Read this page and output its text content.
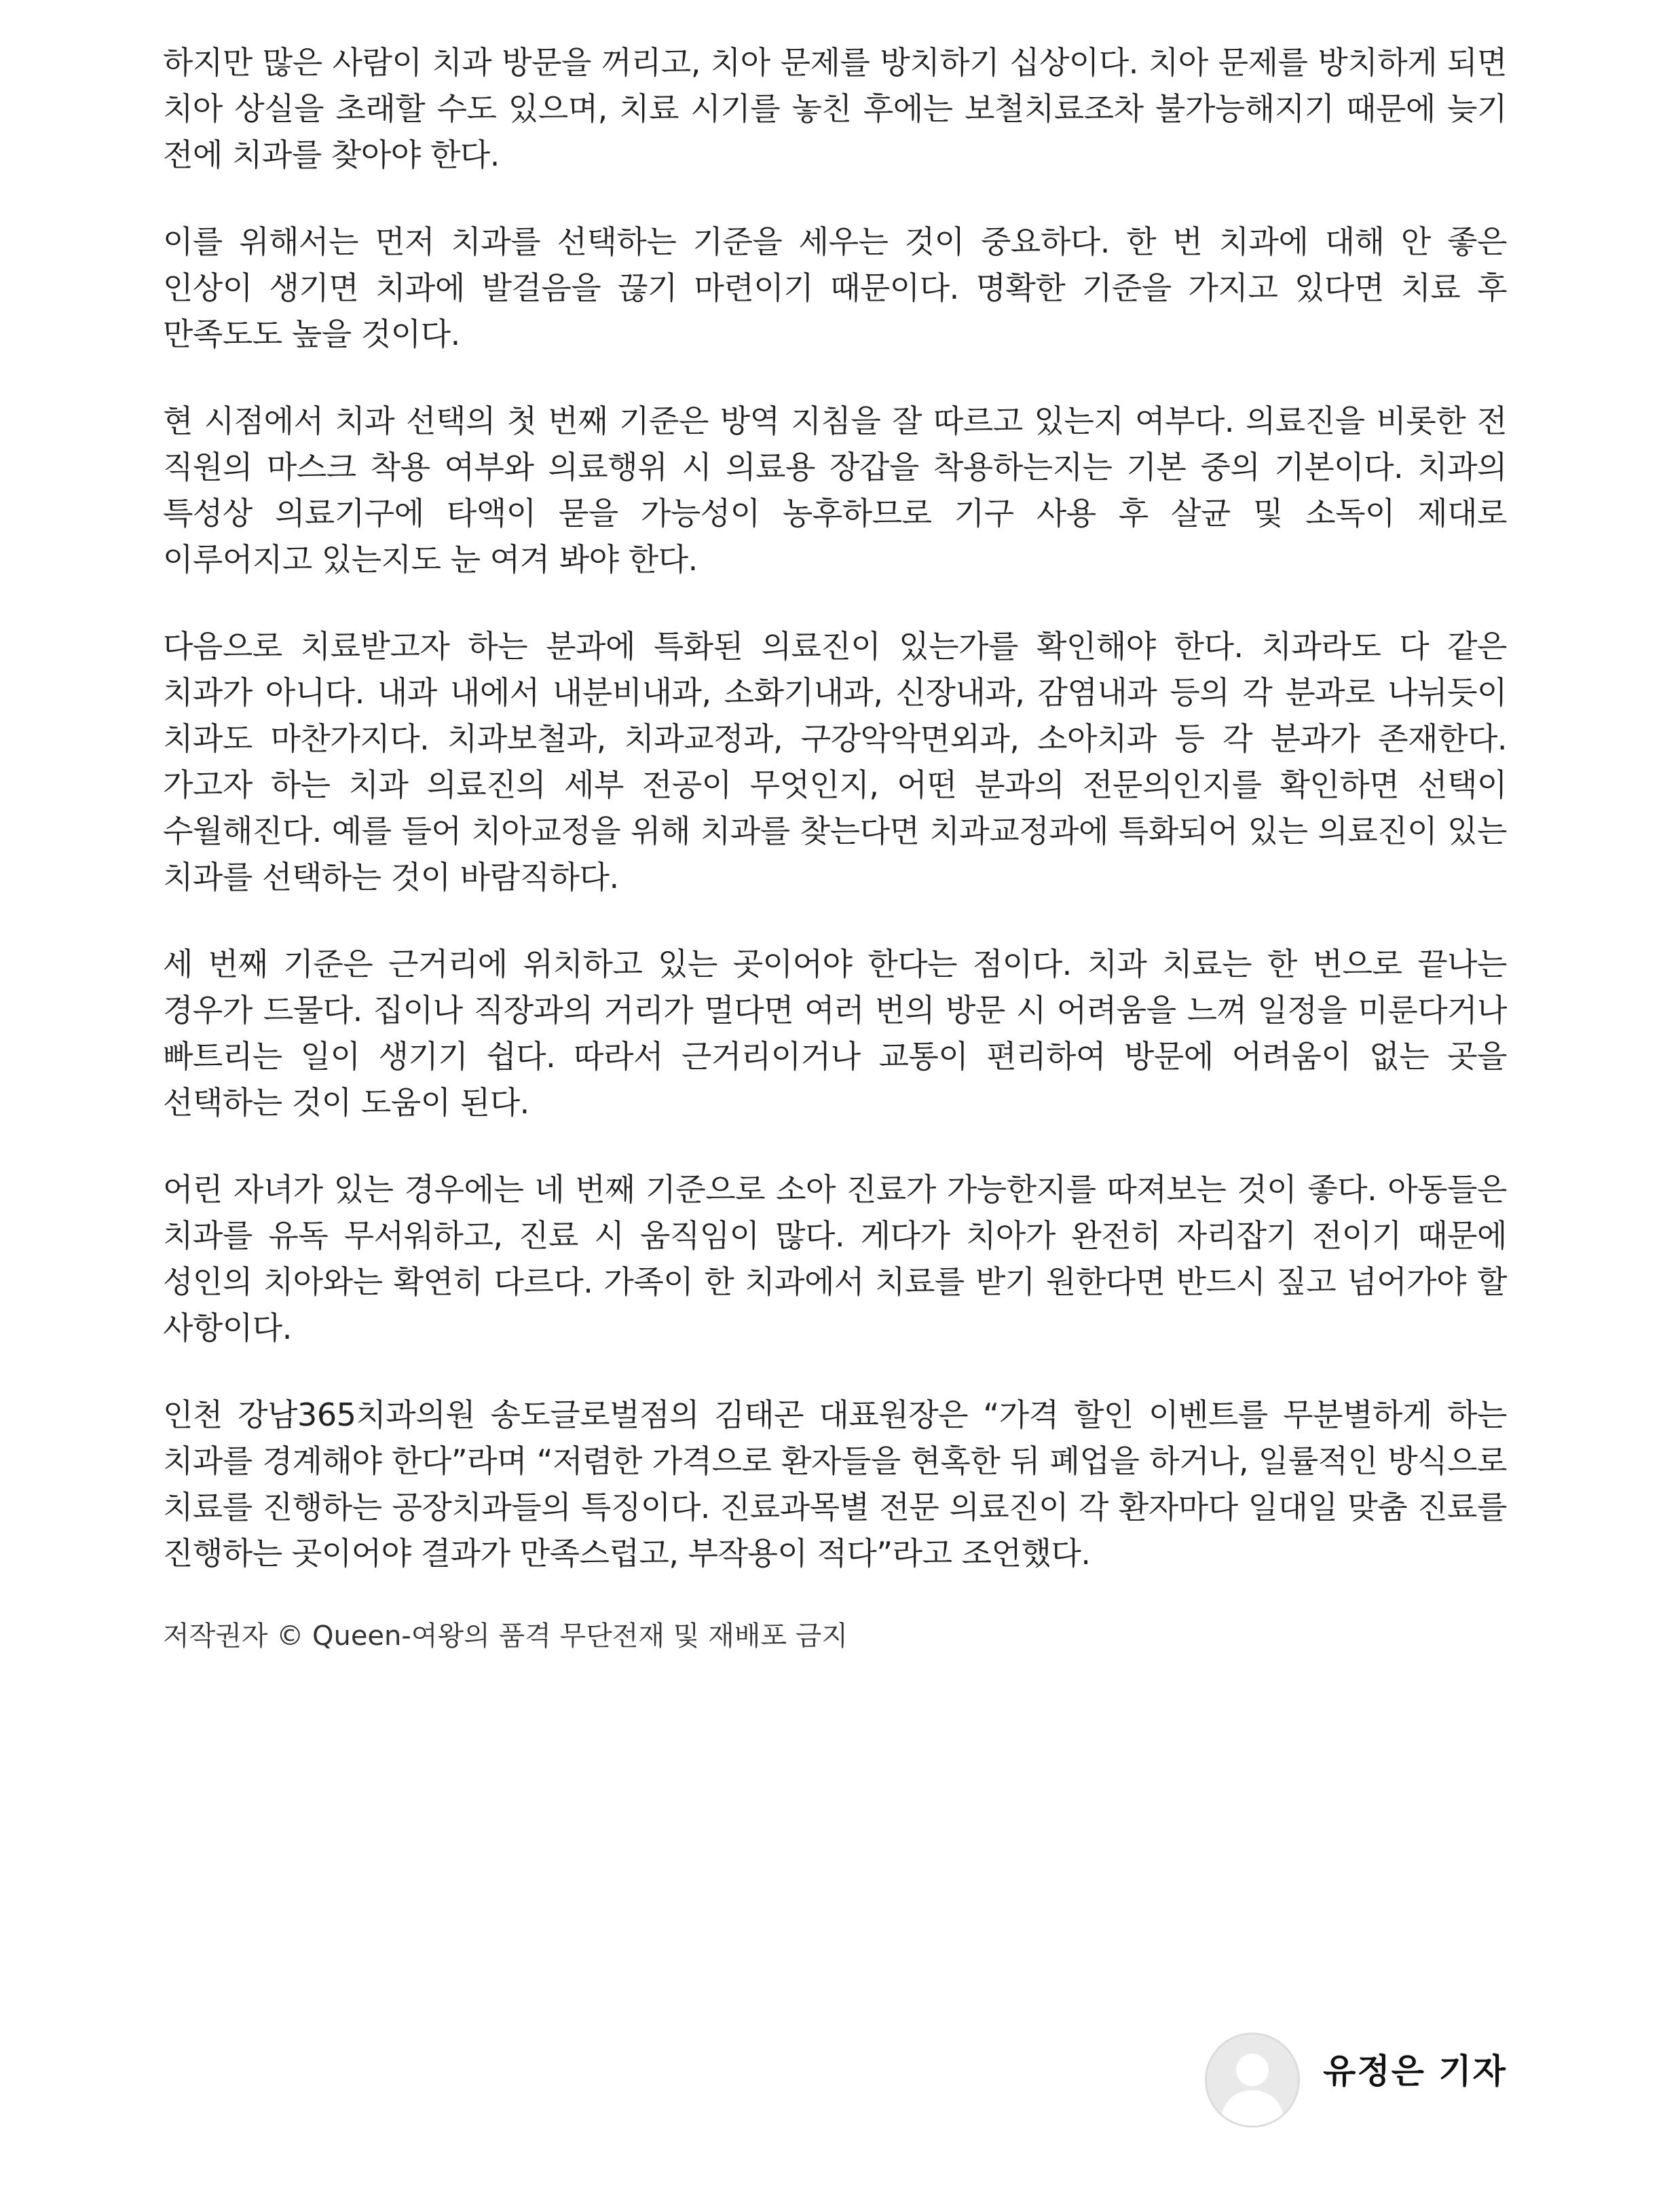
하지만 많은 사람이 치과 방문을 꺼리고, 치아 문제를 방치하기 십상이다. 치아 문제를 방치하게 되면 치아 상실을 초래할 수도 있으며, 치료 시기를 놓친 후에는 보철치료조차 불가능해지기 때문에 늦기 전에 치과를 찾아야 한다.

이를 위해서는 먼저 치과를 선택하는 기준을 세우는 것이 중요하다. 한 번 치과에 대해 안 좋은 인상이 생기면 치과에 발걸음을 끊기 마련이기 때문이다. 명확한 기준을 가지고 있다면 치료 후 만족도도 높을 것이다.

현 시점에서 치과 선택의 첫 번째 기준은 방역 지침을 잘 따르고 있는지 여부다. 의료진을 비롯한 전 직원의 마스크 착용 여부와 의료행위 시 의료용 장갑을 착용하는지는 기본 중의 기본이다. 치과의 특성상 의료기구에 타액이 묻을 가능성이 농후하므로 기구 사용 후 살균 및 소독이 제대로 이루어지고 있는지도 눈 여겨 봐야 한다.

다음으로 치료받고자 하는 분과에 특화된 의료진이 있는가를 확인해야 한다. 치과라도 다 같은 치과가 아니다. 내과 내에서 내분비내과, 소화기내과, 신장내과, 감염내과 등의 각 분과로 나뉘듯이 치과도 마찬가지다. 치과보철과, 치과교정과, 구강악악면외과, 소아치과 등 각 분과가 존재한다. 가고자 하는 치과 의료진의 세부 전공이 무엇인지, 어떤 분과의 전문의인지를 확인하면 선택이 수월해진다. 예를 들어 치아교정을 위해 치과를 찾는다면 치과교정과에 특화되어 있는 의료진이 있는 치과를 선택하는 것이 바람직하다.

세 번째 기준은 근거리에 위치하고 있는 곳이어야 한다는 점이다. 치과 치료는 한 번으로 끝나는 경우가 드물다. 집이나 직장과의 거리가 멀다면 여러 번의 방문 시 어려움을 느껴 일정을 미룬다거나 빠트리는 일이 생기기 쉽다. 따라서 근거리이거나 교통이 편리하여 방문에 어려움이 없는 곳을 선택하는 것이 도움이 된다.

어린 자녀가 있는 경우에는 네 번째 기준으로 소아 진료가 가능한지를 따져보는 것이 좋다. 아동들은 치과를 유독 무서워하고, 진료 시 움직임이 많다. 게다가 치아가 완전히 자리잡기 전이기 때문에 성인의 치아와는 확연히 다르다. 가족이 한 치과에서 치료를 받기 원한다면 반드시 짚고 넘어가야 할 사항이다.

인천 강남365치과의원 송도글로벌점의 김태곤 대표원장은 “가격 할인 이벤트를 무분별하게 하는 치과를 경계해야 한다”라며 “저렴한 가격으로 환자들을 현혹한 뒤 폐업을 하거나, 일률적인 방식으로 치료를 진행하는 공장치과들의 특징이다. 진료과목별 전문 의료진이 각 환자마다 일대일 맞춤 진료를 진행하는 곳이어야 결과가 만족스럽고, 부작용이 적다”라고 조언했다.

저작권자 © Queen-여왕의 품격 무단전재 및 재배포 금지
유정은 기자
